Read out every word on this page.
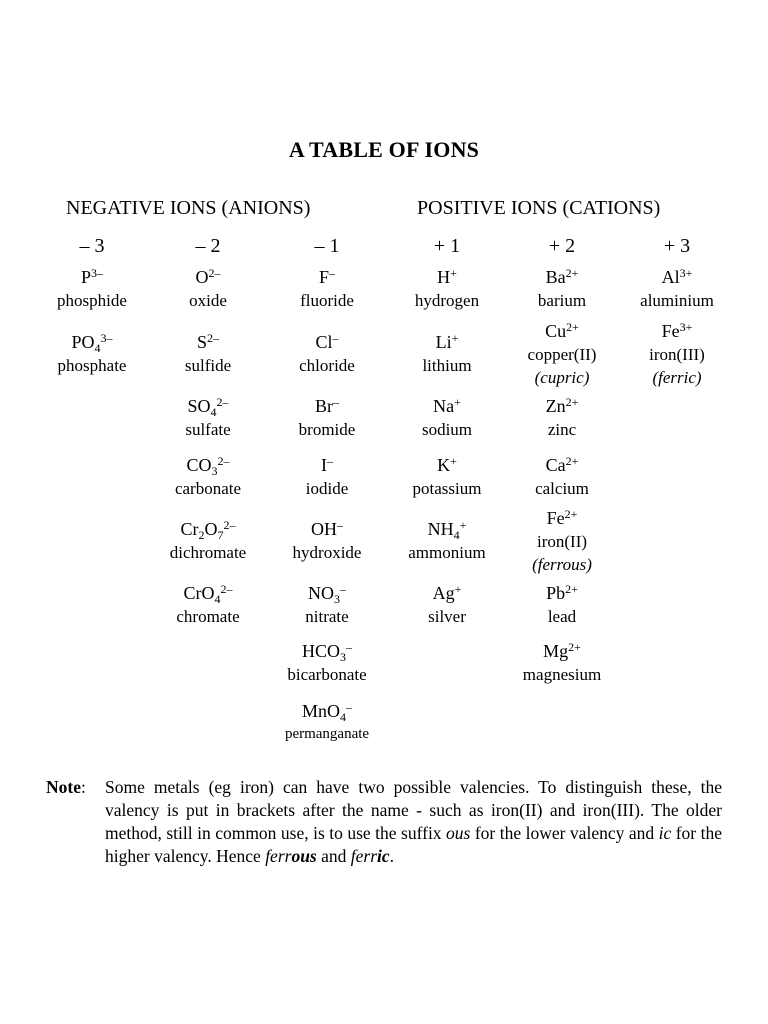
A TABLE OF IONS
NEGATIVE IONS (ANIONS)	POSITIVE IONS (CATIONS)
– 3
$P^{3-}$
phosphide
$PO_4^{3-}$
phosphate
– 2
$O^{2-}$
oxide
$S^{2-}$
sulfide
$SO_4^{2-}$
sulfate
$CO_3^{2-}$
carbonate
$Cr_2O_7^{2-}$
dichromate
CrO$_4^{2-}$
chromate
– 1
F–
fluoride
Cl–
chloride
Br–
bromide
I–
iodide
OH–
hydroxide
$NO_3^-$
nitrate
$HCO_3^-$
bicarbonate
MnO$_4$–
permanganate
+ 1
H+
hydrogen
Li+
lithium
Na+
sodium
K+
potassium
$NH_4^+$
ammonium
Ag+
silver
+ 2
$Ba^{2+}$
barium
$Cu^{2+}$
copper(II)
(cupric)
$Zn^{2+}$
zinc
$Ca^{2+}$
calcium
$Fe^{2+}$
iron(II)
(ferrous)
$Pb^{2+}$
lead
$Mg^{2+}$
magnesium
+ 3
$Al^{3+}$
aluminium
$Fe^{3+}$
iron(III)
(ferric)
Note: Some metals (eg iron) can have two possible valencies. To distinguish these, the valency is put in brackets after the name - such as iron(II) and iron(III). The older method, still in common use, is to use the suffix ous for the lower valency and ic for the higher valency. Hence ferrous and ferric.
